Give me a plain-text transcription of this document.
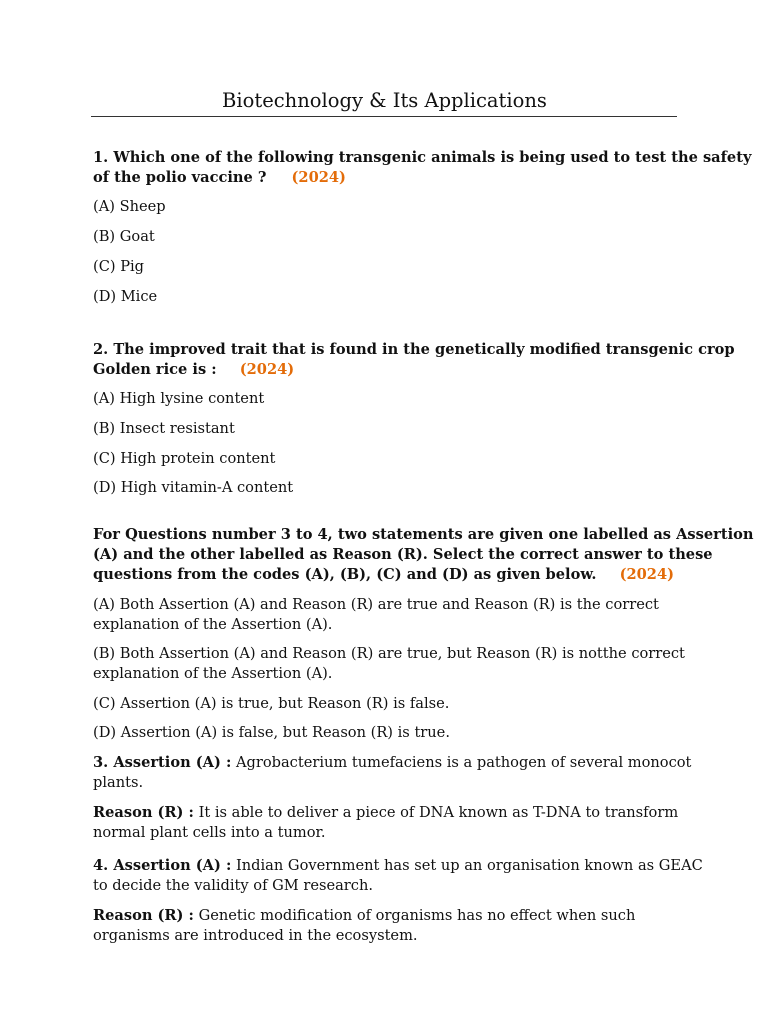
Biotechnology & Its Applications
1. Which one of the following transgenic animals is being used to test the safety
of the polio vaccine ? (2024)
(A) Sheep
(B) Goat
(C) Pig
(D) Mice
2. The improved trait that is found in the genetically modified transgenic crop
Golden rice is : (2024)
(A) High lysine content
(B) Insect resistant
(C) High protein content
(D) High vitamin-A content
For Questions number 3 to 4, two statements are given one labelled as Assertion
(A) and the other labelled as Reason (R). Select the correct answer to these
questions from the codes (A), (B), (C) and (D) as given below. (2024)
(A) Both Assertion (A) and Reason (R) are true and Reason (R) is the correct
explanation of the Assertion (A).
(B) Both Assertion (A) and Reason (R) are true, but Reason (R) is notthe correct
explanation of the Assertion (A).
(C) Assertion (A) is true, but Reason (R) is false.
(D) Assertion (A) is false, but Reason (R) is true.
3. Assertion (A) : Agrobacterium tumefaciens is a pathogen of several monocot
plants.
Reason (R) : It is able to deliver a piece of DNA known as T-DNA to transform
normal plant cells into a tumor.
4. Assertion (A) : Indian Government has set up an organisation known as GEAC
to decide the validity of GM research.
Reason (R) : Genetic modification of organisms has no effect when such
organisms are introduced in the ecosystem.
